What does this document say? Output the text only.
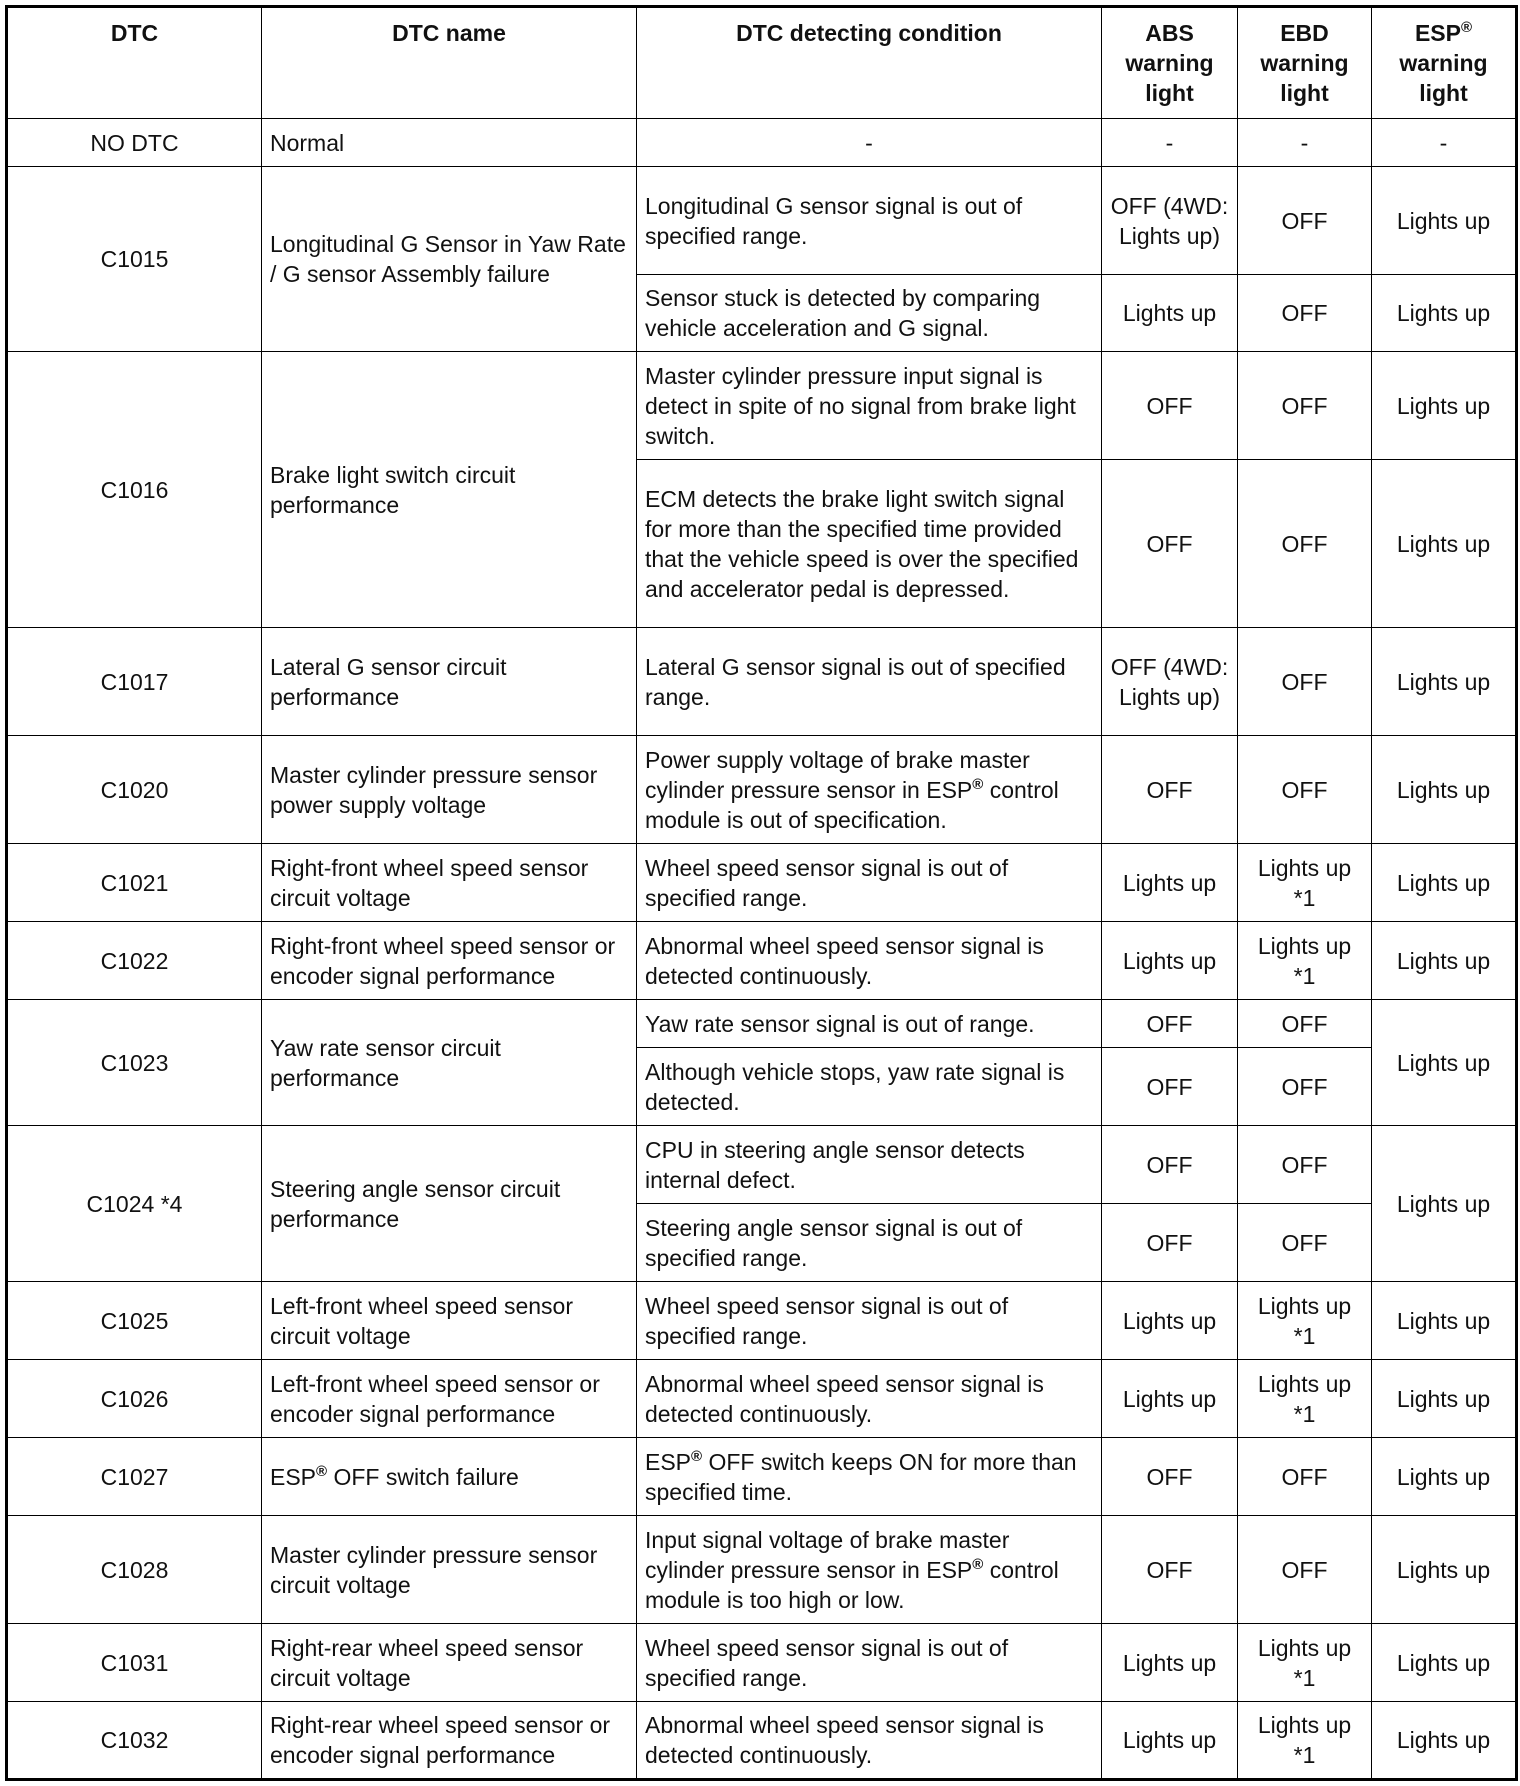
DTC	DTC name	DTC detecting condition	ABS warning light	EBD warning light	ESP® warning light
NO DTC	Normal	-	-	-	-
C1015	Longitudinal G Sensor in Yaw Rate / G sensor Assembly failure	Longitudinal G sensor signal is out of specified range.	OFF (4WD: Lights up)	OFF	Lights up
		Sensor stuck is detected by comparing vehicle acceleration and G signal.	Lights up	OFF	Lights up
C1016	Brake light switch circuit performance	Master cylinder pressure input signal is detect in spite of no signal from brake light switch.	OFF	OFF	Lights up
		ECM detects the brake light switch signal for more than the specified time provided that the vehicle speed is over the specified and accelerator pedal is depressed.	OFF	OFF	Lights up
C1017	Lateral G sensor circuit performance	Lateral G sensor signal is out of specified range.	OFF (4WD: Lights up)	OFF	Lights up
C1020	Master cylinder pressure sensor power supply voltage	Power supply voltage of brake master cylinder pressure sensor in ESP® control module is out of specification.	OFF	OFF	Lights up
C1021	Right-front wheel speed sensor circuit voltage	Wheel speed sensor signal is out of specified range.	Lights up	Lights up *1	Lights up
C1022	Right-front wheel speed sensor or encoder signal performance	Abnormal wheel speed sensor signal is detected continuously.	Lights up	Lights up *1	Lights up
C1023	Yaw rate sensor circuit performance	Yaw rate sensor signal is out of range.	OFF	OFF	Lights up
		Although vehicle stops, yaw rate signal is detected.	OFF	OFF	
C1024 *4	Steering angle sensor circuit performance	CPU in steering angle sensor detects internal defect.	OFF	OFF	Lights up
		Steering angle sensor signal is out of specified range.	OFF	OFF	
C1025	Left-front wheel speed sensor circuit voltage	Wheel speed sensor signal is out of specified range.	Lights up	Lights up *1	Lights up
C1026	Left-front wheel speed sensor or encoder signal performance	Abnormal wheel speed sensor signal is detected continuously.	Lights up	Lights up *1	Lights up
C1027	ESP® OFF switch failure	ESP® OFF switch keeps ON for more than specified time.	OFF	OFF	Lights up
C1028	Master cylinder pressure sensor circuit voltage	Input signal voltage of brake master cylinder pressure sensor in ESP® control module is too high or low.	OFF	OFF	Lights up
C1031	Right-rear wheel speed sensor circuit voltage	Wheel speed sensor signal is out of specified range.	Lights up	Lights up *1	Lights up
C1032	Right-rear wheel speed sensor or encoder signal performance	Abnormal wheel speed sensor signal is detected continuously.	Lights up	Lights up *1	Lights up
